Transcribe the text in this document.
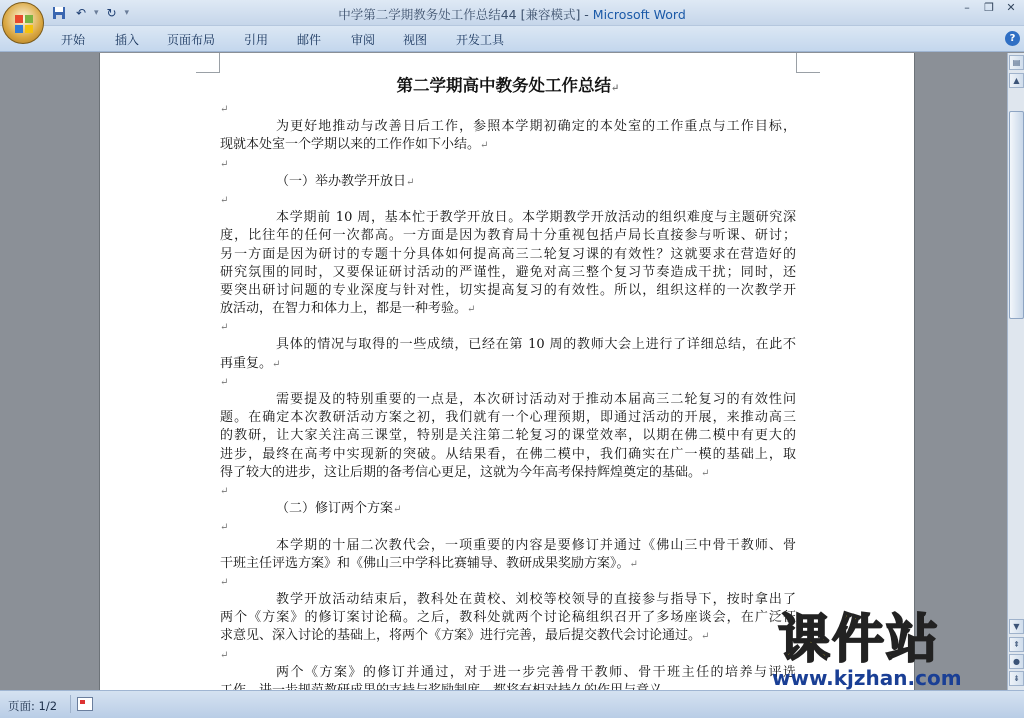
↶ ▾ ↻ ▾	中学第二学期教务处工作总结44 [兼容模式] - Microsoft Word	–	❐	✕
开始 插入 页面布局 引用 邮件 审阅 视图 开发工具	?
第二学期高中教务处工作总结↵
↵
为更好地推动与改善日后工作，参照本学期初确定的本处室的工作重点与工作目标，
现就本处室一个学期以来的工作作如下小结。↵
↵
（一）举办教学开放日↵
↵
本学期前 10 周，基本忙于教学开放日。本学期教学开放活动的组织难度与主题研究深
度，比往年的任何一次都高。一方面是因为教育局十分重视包括卢局长直接参与听课、研讨；
另一方面是因为研讨的专题十分具体如何提高高三二轮复习课的有效性？这就要求在营造好的
研究氛围的同时，又要保证研讨活动的严谨性，避免对高三整个复习节奏造成干扰；同时，还
要突出研讨问题的专业深度与针对性，切实提高复习的有效性。所以，组织这样的一次教学开
放活动，在智力和体力上，都是一种考验。↵
↵
具体的情况与取得的一些成绩，已经在第 10 周的教师大会上进行了详细总结，在此不
再重复。↵
↵
需要提及的特别重要的一点是，本次研讨活动对于推动本届高三二轮复习的有效性问
题。在确定本次教研活动方案之初，我们就有一个心理预期，即通过活动的开展，来推动高三
的教研，让大家关注高三课堂，特别是关注第二轮复习的课堂效率，以期在佛二模中有更大的
进步，最终在高考中实现新的突破。从结果看，在佛二模中，我们确实在广一模的基础上，取
得了较大的进步，这让后期的备考信心更足，这就为今年高考保持辉煌奠定的基础。↵
↵
（二）修订两个方案↵
↵
本学期的十届二次教代会，一项重要的内容是要修订并通过《佛山三中骨干教师、骨
干班主任评选方案》和《佛山三中学科比赛辅导、教研成果奖励方案》。↵
↵
教学开放活动结束后，教科处在黄校、刘校等校领导的直接参与指导下，按时拿出了
两个《方案》的修订案讨论稿。之后，教科处就两个讨论稿组织召开了多场座谈会，在广泛征
求意见、深入讨论的基础上，将两个《方案》进行完善，最后提交教代会讨论通过。↵
↵
两个《方案》的修订并通过，对于进一步完善骨干教师、骨干班主任的培养与评选
▤
▲
▼
⇞
●
⇟
页面: 1/2
课件站
www.kjzhan.com
